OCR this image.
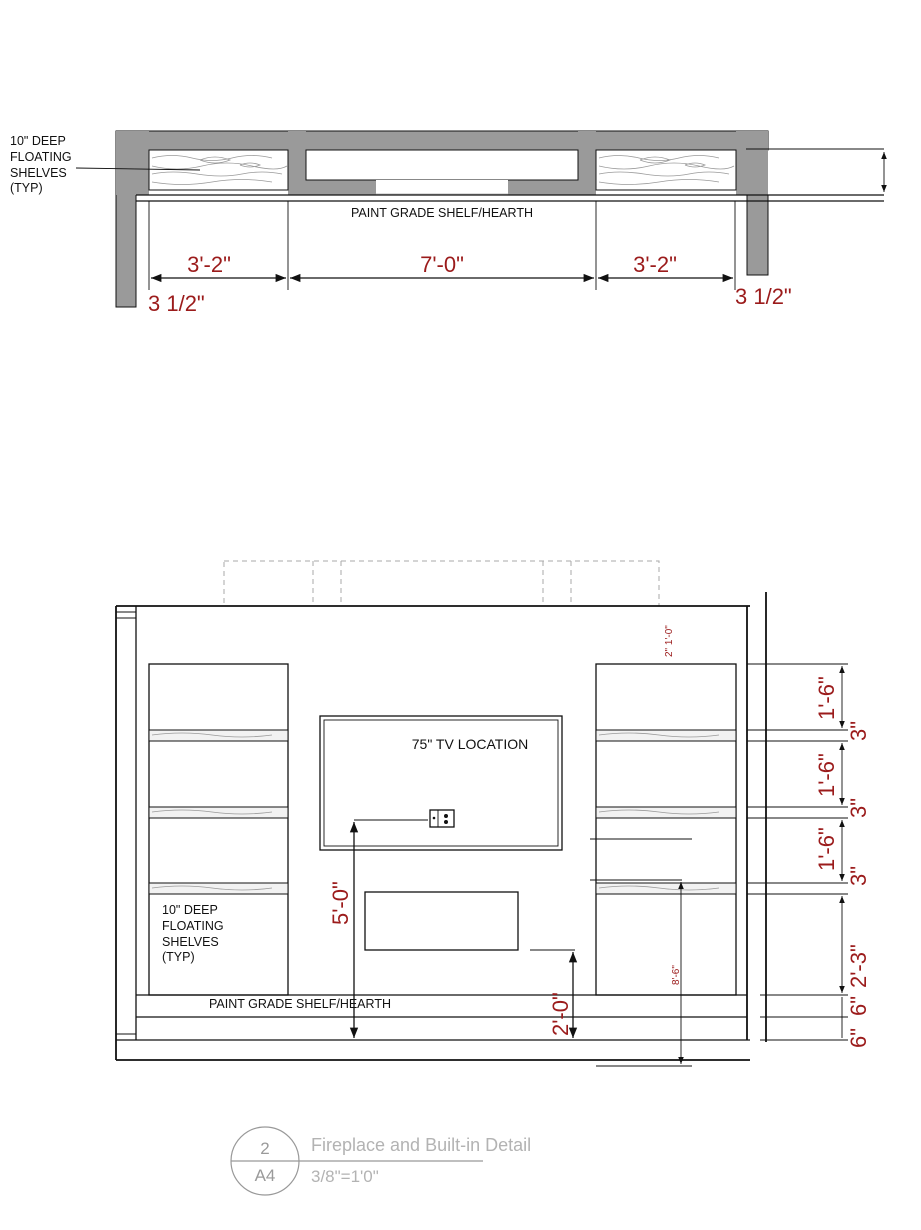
10" DEEP
FLOATING
SHELVES
(TYP)
PAINT GRADE SHELF/HEARTH
3'-2"	7'-0"	3'-2"
3 1/2"	3 1/2"
75" TV LOCATION
10" DEEP
FLOATING
SHELVES
(TYP)
PAINT GRADE SHELF/HEARTH
2" 1'-0"
5'-0"
2'-0"
8'-6"
1'-6"
3"
1'-6"
3"
1'-6"
3"
2'-3"
6"
6"
2
A4
Fireplace and Built-in Detail
3/8"=1'0"
